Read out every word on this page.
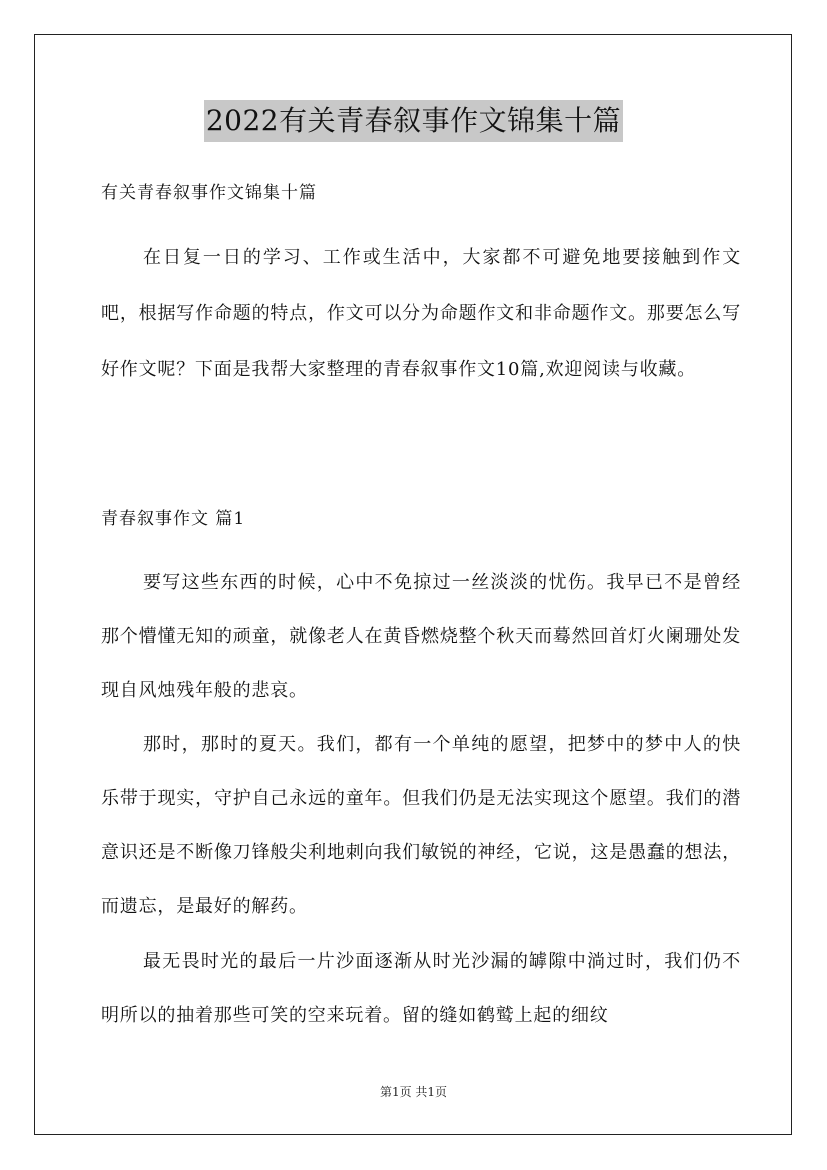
2022有关青春叙事作文锦集十篇
有关青春叙事作文锦集十篇

在日复一日的学习、工作或生活中，大家都不可避免地要接触到作文吧，根据写作命题的特点，作文可以分为命题作文和非命题作文。那要怎么写好作文呢？下面是我帮大家整理的青春叙事作文10篇,欢迎阅读与收藏。

青春叙事作文 篇1

要写这些东西的时候，心中不免掠过一丝淡淡的忧伤。我早已不是曾经那个懵懂无知的顽童，就像老人在黄昏燃烧整个秋天而蓦然回首灯火阑珊处发现自风烛残年般的悲哀。

那时，那时的夏天。我们，都有一个单纯的愿望，把梦中的梦中人的快乐带于现实，守护自己永远的童年。但我们仍是无法实现这个愿望。我们的潜意识还是不断像刀锋般尖利地刺向我们敏锐的神经，它说，这是愚蠢的想法，而遗忘，是最好的解药。

最无畏时光的最后一片沙面逐渐从时光沙漏的罅隙中淌过时，我们仍不明所以的抽着那些可笑的空来玩着。留的缝如鹤鹫上起的细纹

第1页 共1页
